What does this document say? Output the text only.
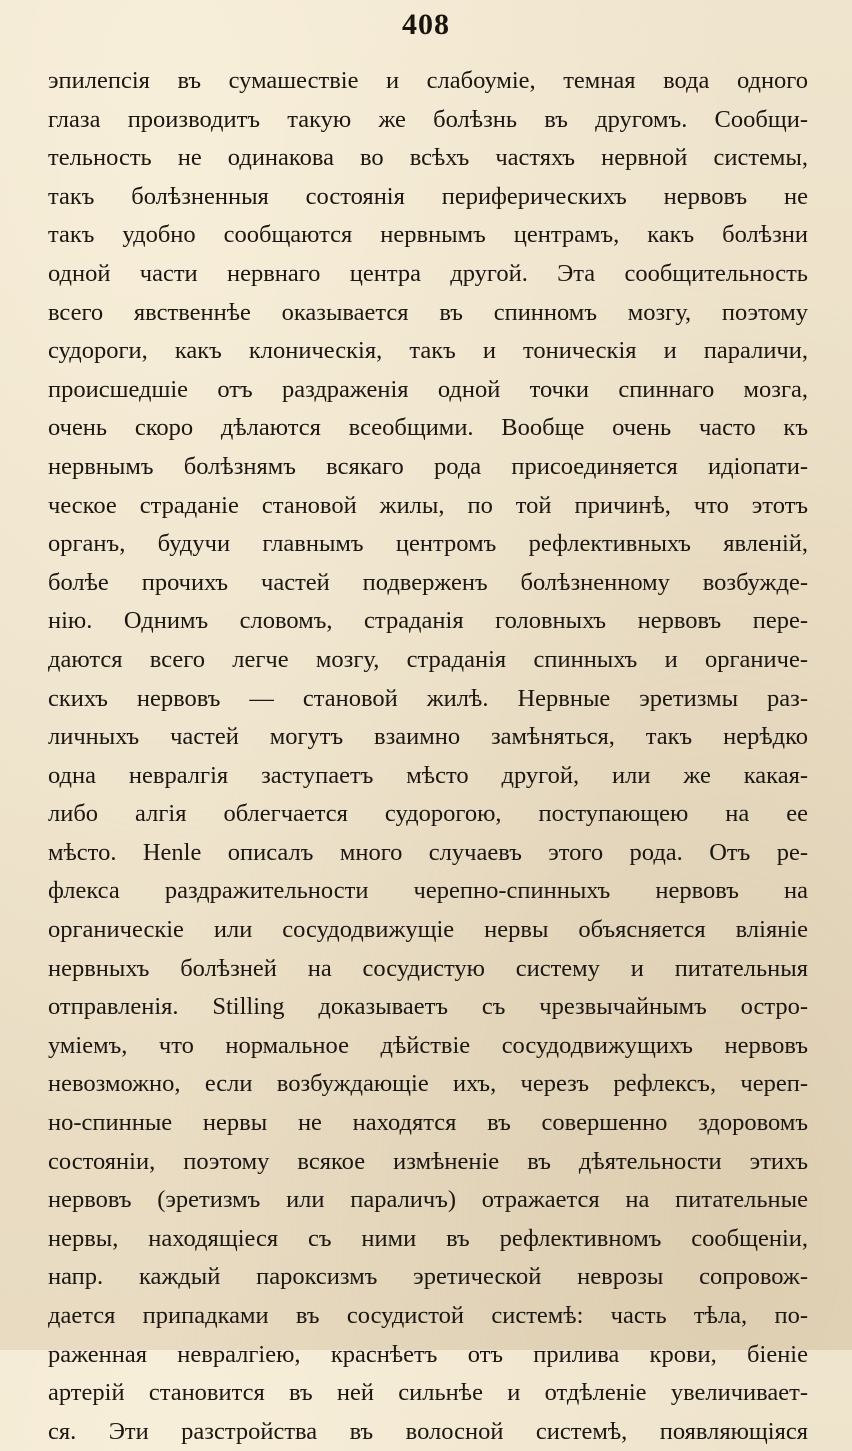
408
эпилепсія въ сумашествіе и слабоуміе, темная вода одного
глаза производитъ такую же болѣзнь въ другомъ. Сообщи-
тельность не одинакова во всѣхъ частяхъ нервной системы,
такъ болѣзненныя состоянія периферическихъ нервовъ не
такъ удобно сообщаются нервнымъ центрамъ, какъ болѣзни
одной части нервнаго центра другой. Эта сообщительность
всего явственнѣе оказывается въ спинномъ мозгу, поэтому
судороги, какъ клоническія, такъ и тоническія и параличи,
происшедшіе отъ раздраженія одной точки спиннаго мозга,
очень скоро дѣлаются всеобщими. Вообще очень часто къ
нервнымъ болѣзнямъ всякаго рода присоединяется идіопати-
ческое страданіе становой жилы, по той причинѣ, что этотъ
органъ, будучи главнымъ центромъ рефлективныхъ явленій,
болѣе прочихъ частей подверженъ болѣзненному возбужде-
нію. Однимъ словомъ, страданія головныхъ нервовъ пере-
даются всего легче мозгу, страданія спинныхъ и органиче-
скихъ нервовъ — становой жилѣ. Нервные эретизмы раз-
личныхъ частей могутъ взаимно замѣняться, такъ нерѣдко
одна невралгія заступаетъ мѣсто другой, или же какая-
либо алгія облегчается судорогою, поступающею на ее
мѣсто. Henle описалъ много случаевъ этого рода. Отъ ре-
флекса раздражительности черепно-спинныхъ нервовъ на
органическіе или сосудодвижущіе нервы объясняется вліяніе
нервныхъ болѣзней на сосудистую систему и питательныя
отправленія. Stilling доказываетъ съ чрезвычайнымъ остро-
уміемъ, что нормальное дѣйствіе сосудодвижущихъ нервовъ
невозможно, если возбуждающіе ихъ, черезъ рефлексъ, череп-
но-спинные нервы не находятся въ совершенно здоровомъ
состояніи, поэтому всякое измѣненіе въ дѣятельности этихъ
нервовъ (эретизмъ или параличъ) отражается на питательные
нервы, находящіеся съ ними въ рефлективномъ сообщеніи,
напр. каждый пароксизмъ эретической неврозы сопровож-
дается припадками въ сосудистой системѣ: часть тѣла, по-
раженная невралгіею, краснѣетъ отъ прилива крови, біеніе
артерій становится въ ней сильнѣе и отдѣленіе увеличивает-
ся. Эти разстройства въ волосной системѣ, появляющіяся
